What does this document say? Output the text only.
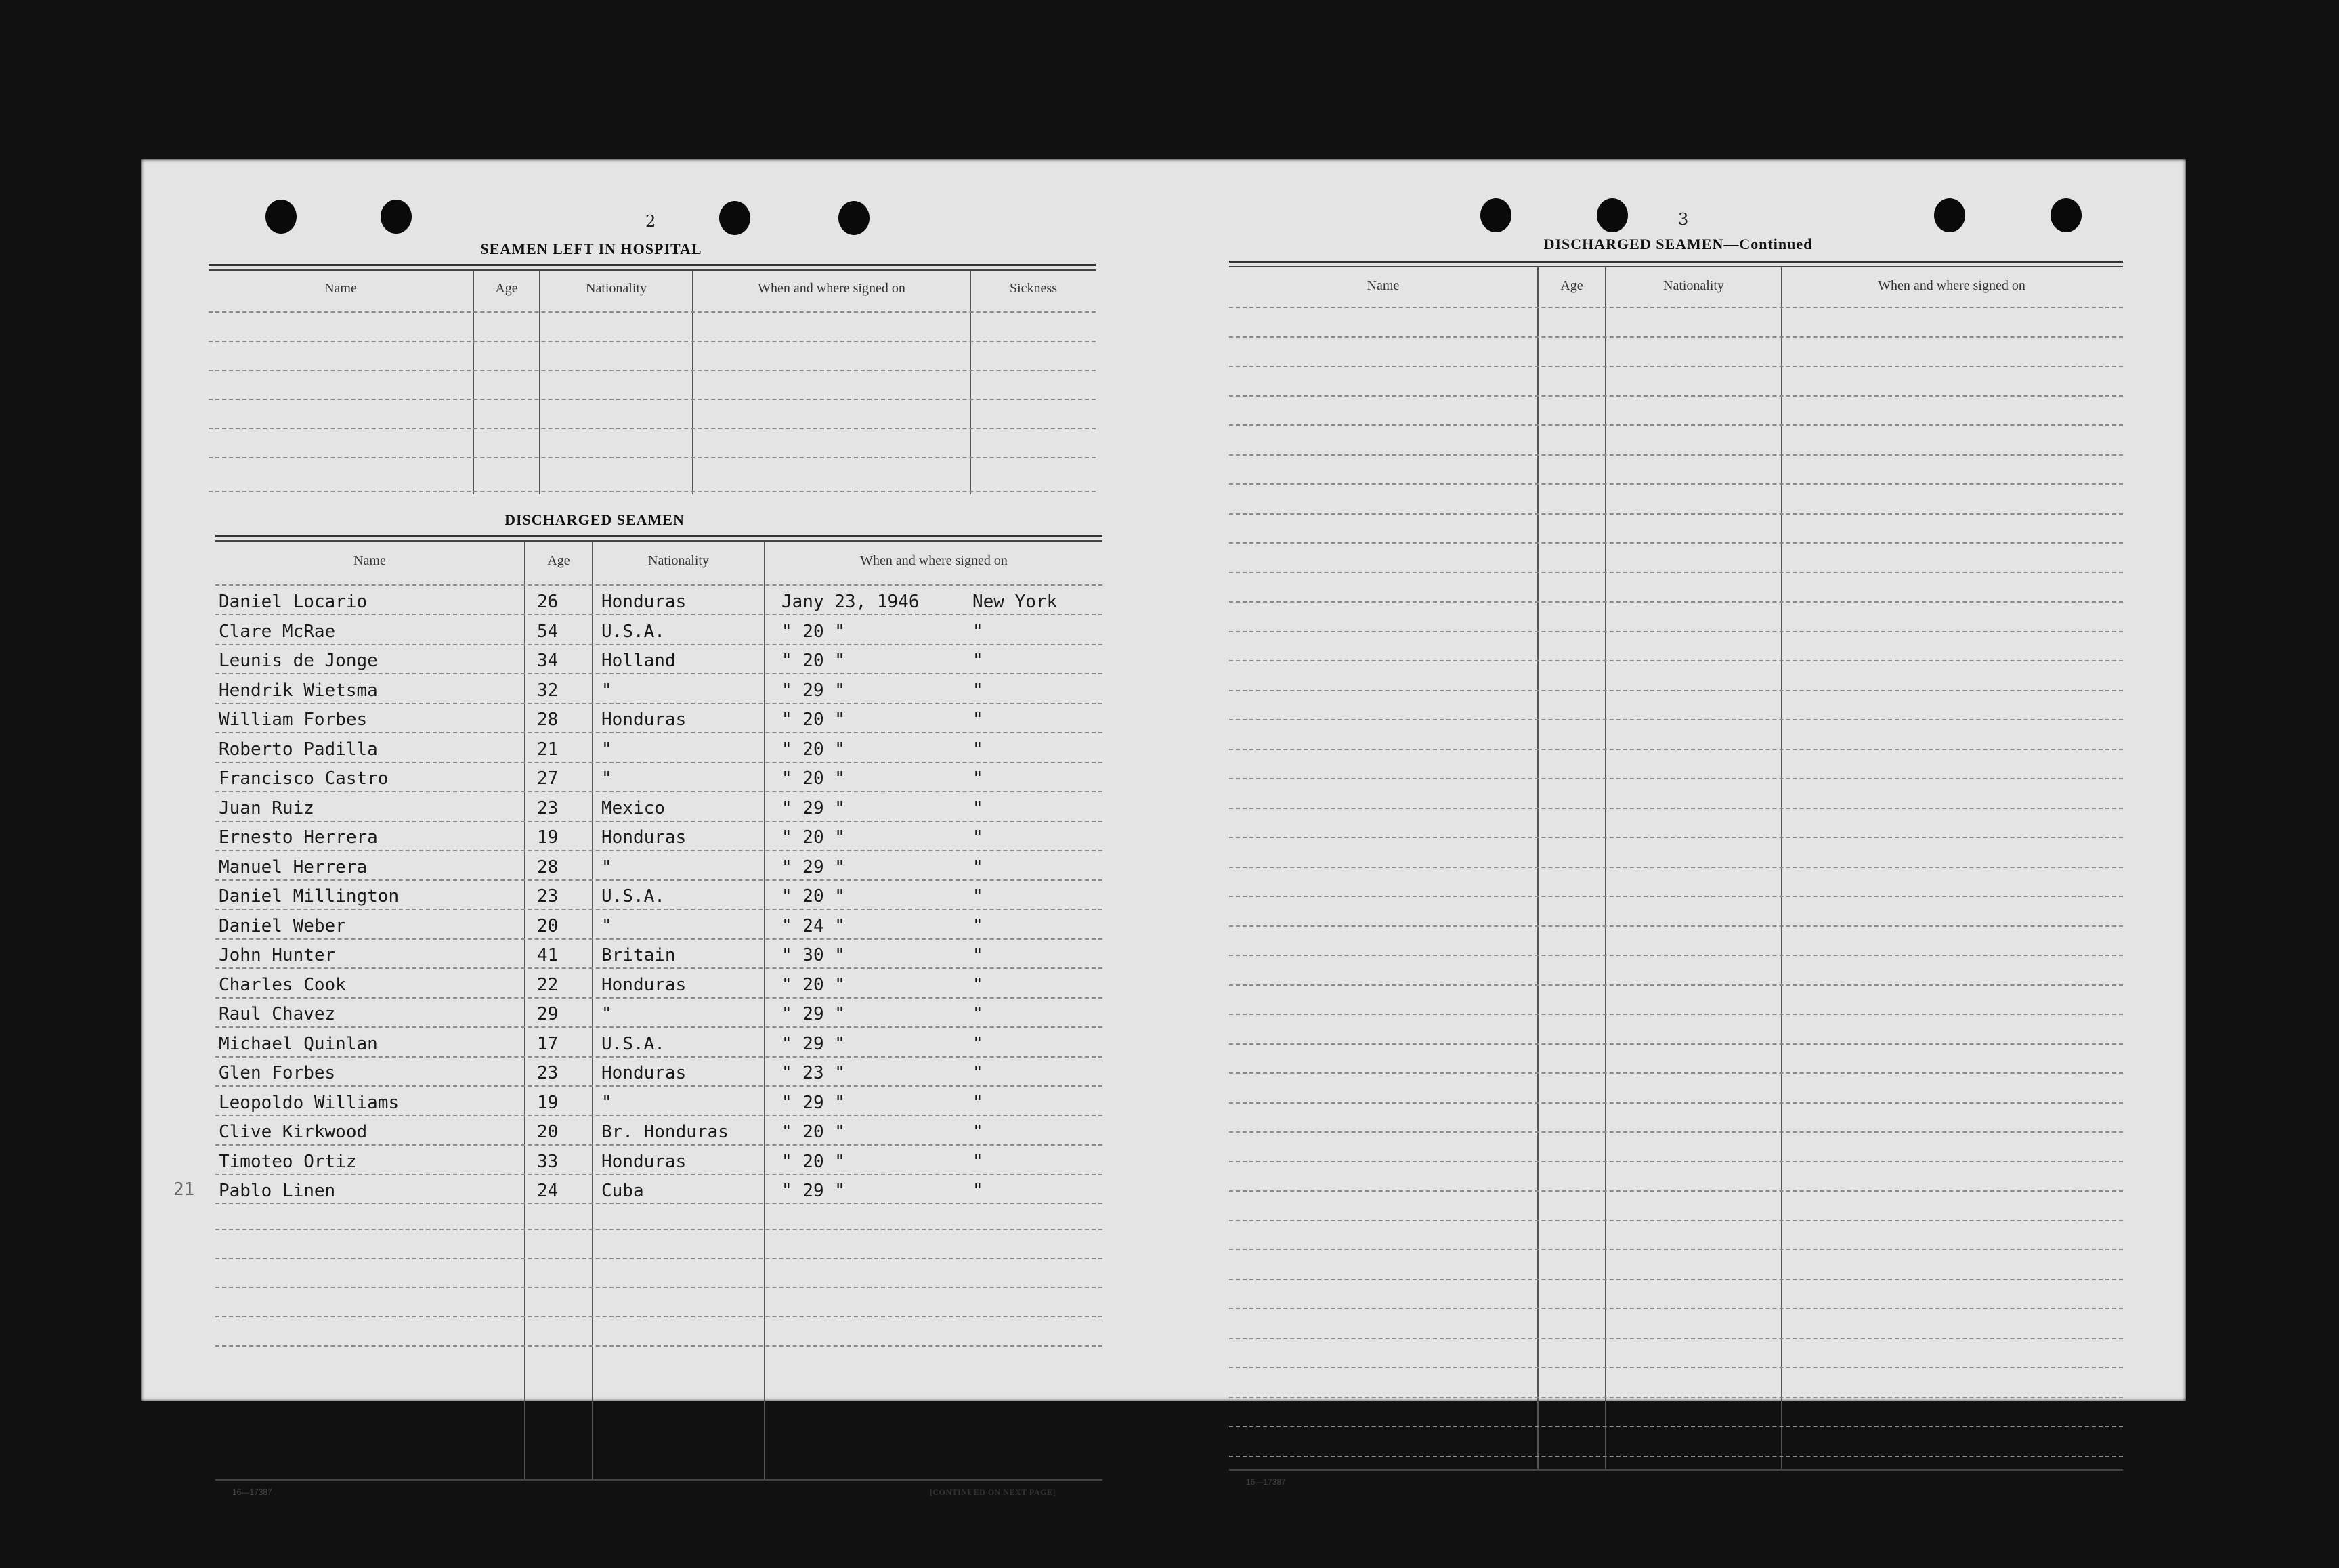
2
SEAMEN LEFT IN HOSPITAL
Name	Age	Nationality	When and where signed on	Sickness
DISCHARGED SEAMEN
Name	Age	Nationality	When and where signed on
Daniel Locario	26 Honduras	Jany 23, 1946	New York
Clare McRae	54 U.S.A.	" 20 "	"
Leunis de Jonge	34 Holland	" 20 "	"
Hendrik Wietsma	32 "	" 29 "	"
William Forbes	28 Honduras	" 20 "	"
Roberto Padilla	21 "	" 20 "	"
Francisco Castro	27 "	" 20 "	"
Juan Ruiz	23 Mexico	" 29 "	"
Ernesto Herrera	19 Honduras	" 20 "	"
Manuel Herrera	28 "	" 29 "	"
Daniel Millington	23 U.S.A.	" 20 "	"
Daniel Weber	20 "	" 24 "	"
John Hunter	41 Britain	" 30 "	"
Charles Cook	22 Honduras	" 20 "	"
Raul Chavez	29 "	" 29 "	"
Michael Quinlan	17 U.S.A.	" 29 "	"
Glen Forbes	23 Honduras	" 23 "	"
Leopoldo Williams	19 "	" 29 "	"
Clive Kirkwood	20 Br. Honduras	" 20 "	"
Timoteo Ortiz	33 Honduras	" 20 "	"
Pablo Linen	24 Cuba	" 29 "	"
21
16—17387	[CONTINUED ON NEXT PAGE]
3
DISCHARGED SEAMEN—Continued
Name	Age	Nationality	When and where signed on
16—17387
